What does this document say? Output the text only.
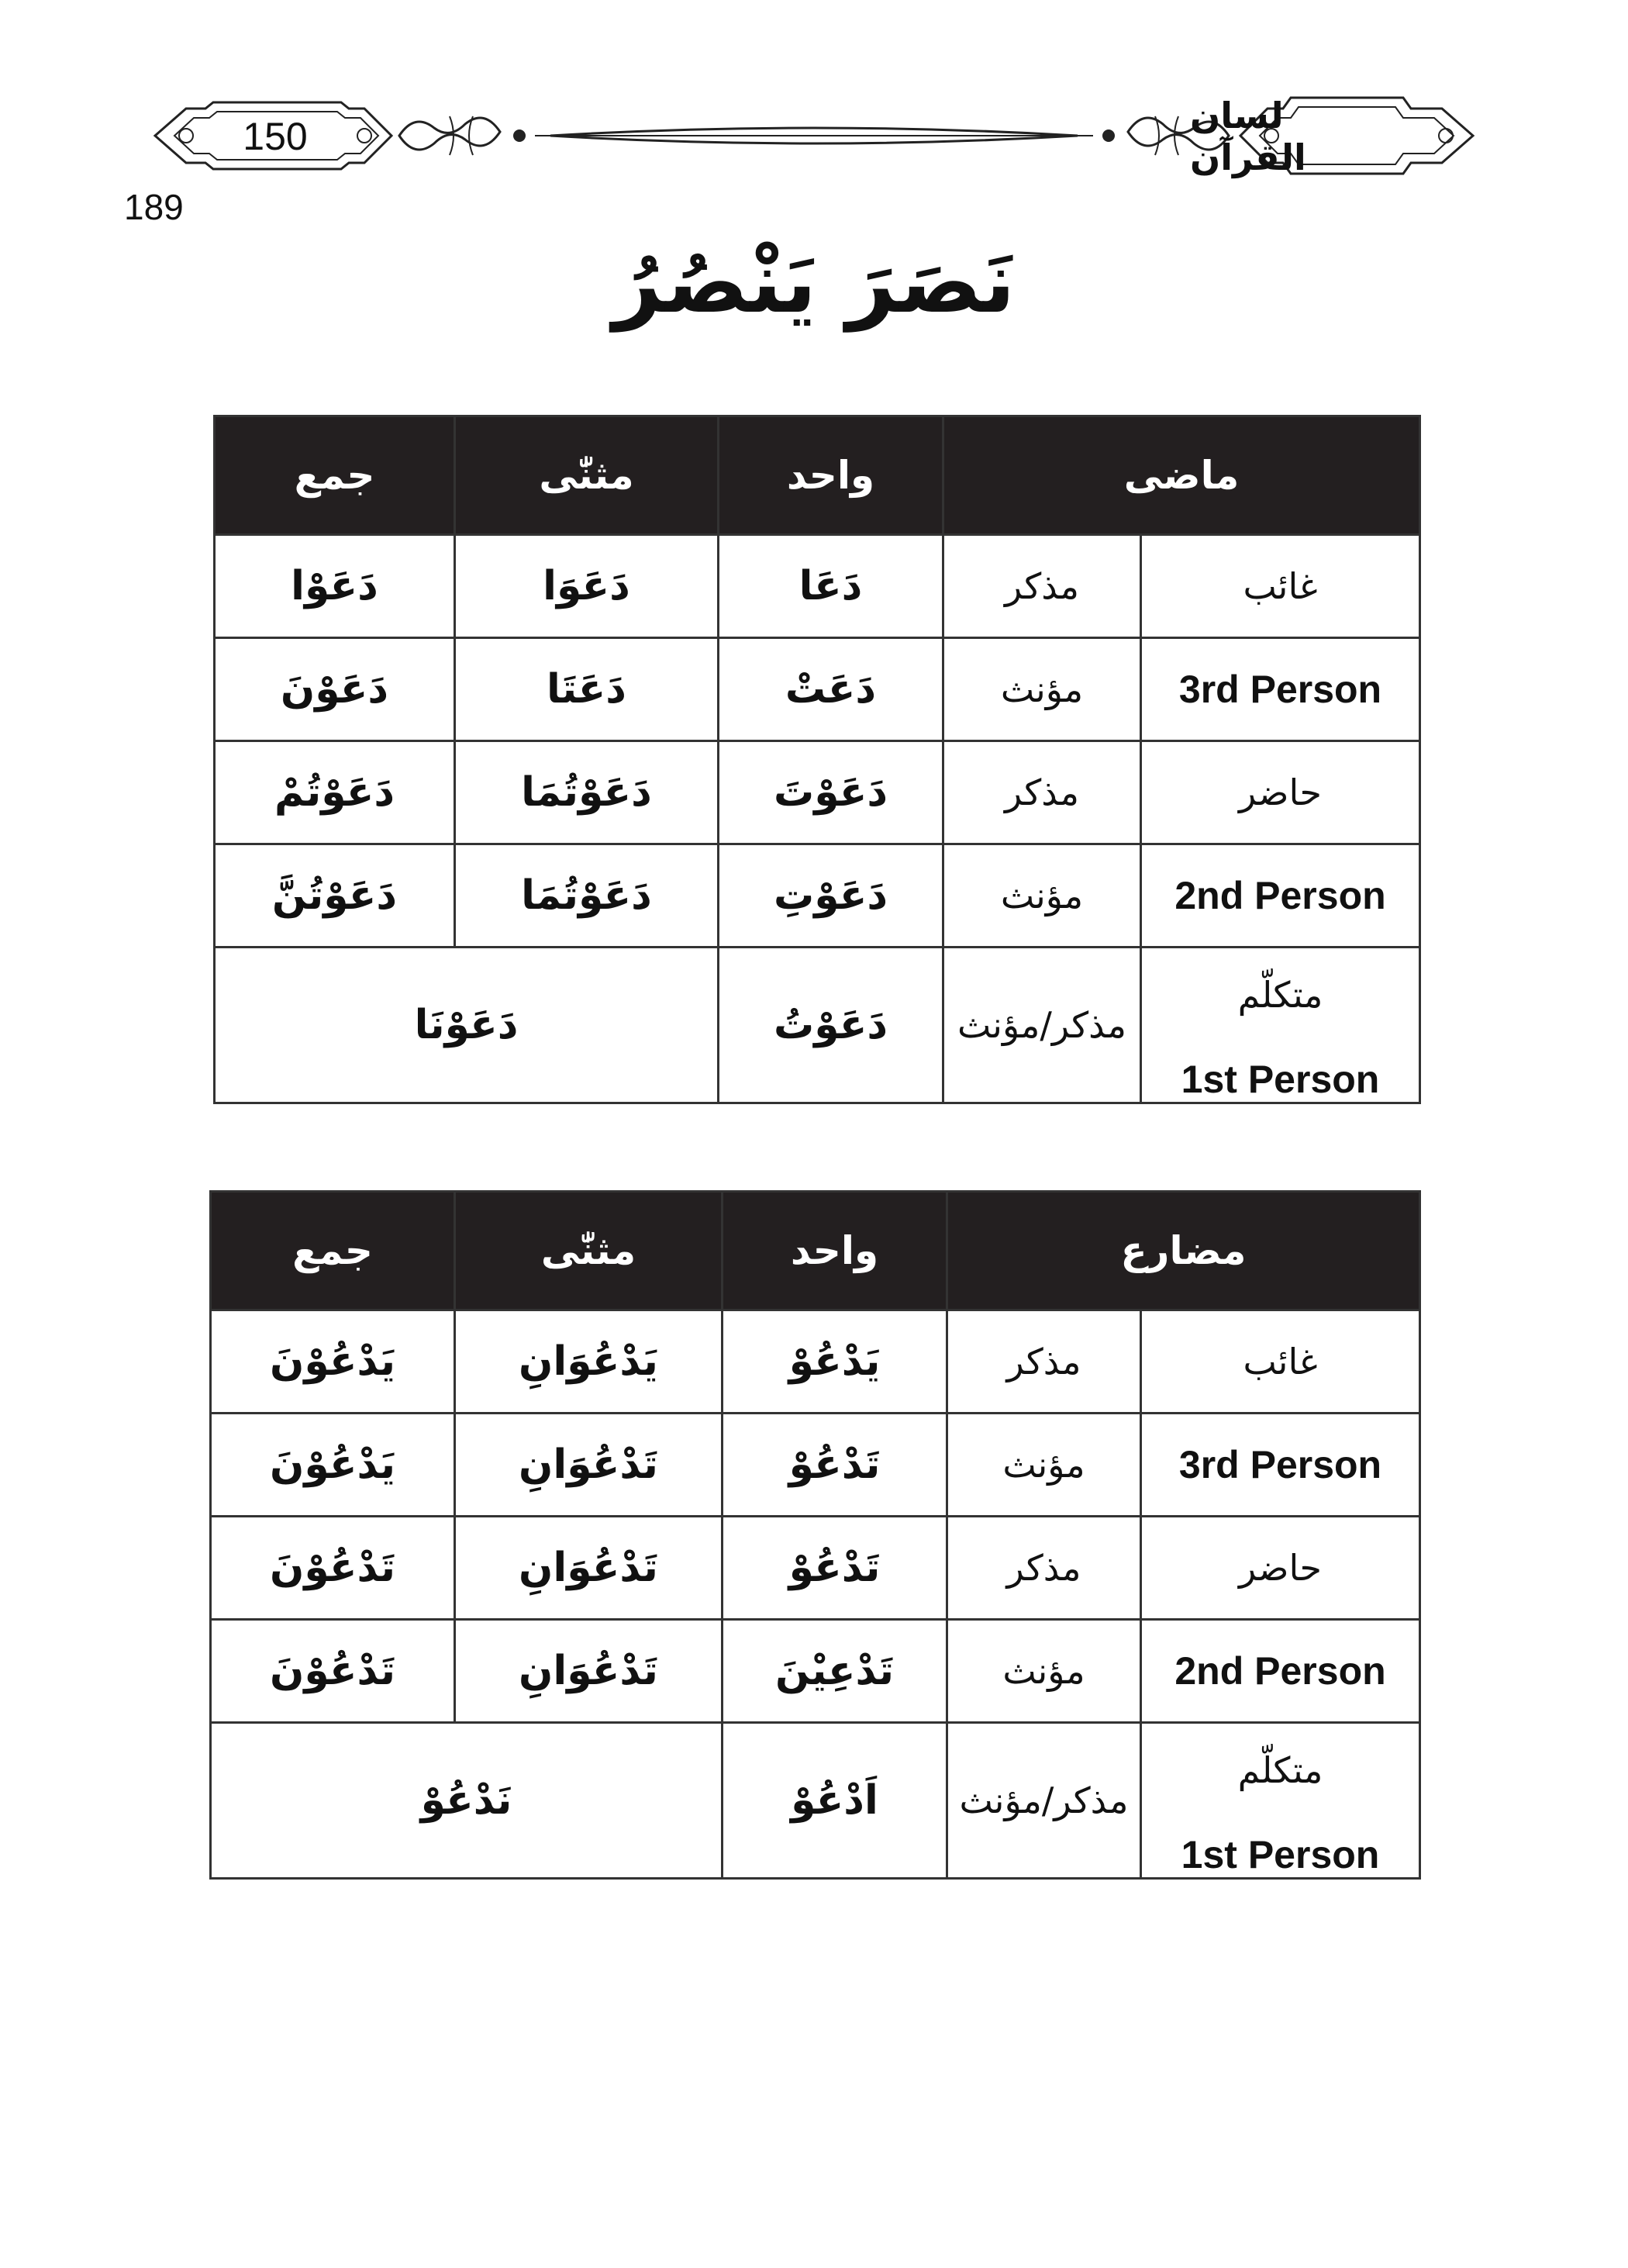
150	لسان القرآن
189
نَصَرَ يَنْصُرُ
جمع	مثنّٰی	واحد	ماضی	
دَعَوْا	دَعَوَا	دَعَا	مذکر	غائب
دَعَوْنَ	دَعَتَا	دَعَتْ	مؤنث	3rd Person
دَعَوْتُمْ	دَعَوْتُمَا	دَعَوْتَ	مذکر	حاضر
دَعَوْتُنَّ	دَعَوْتُمَا	دَعَوْتِ	مؤنث	2nd Person
دَعَوْنَا		دَعَوْتُ	مذکر/مؤنث	متکلّم
1st Person
جمع	مثنّٰی	واحد	مضارع	
يَدْعُوْنَ	يَدْعُوَانِ	يَدْعُوْ	مذکر	غائب
يَدْعُوْنَ	تَدْعُوَانِ	تَدْعُوْ	مؤنث	3rd Person
تَدْعُوْنَ	تَدْعُوَانِ	تَدْعُوْ	مذکر	حاضر
تَدْعُوْنَ	تَدْعُوَانِ	تَدْعِيْنَ	مؤنث	2nd Person
نَدْعُوْ		اَدْعُوْ	مذکر/مؤنث	متکلّم
1st Person
